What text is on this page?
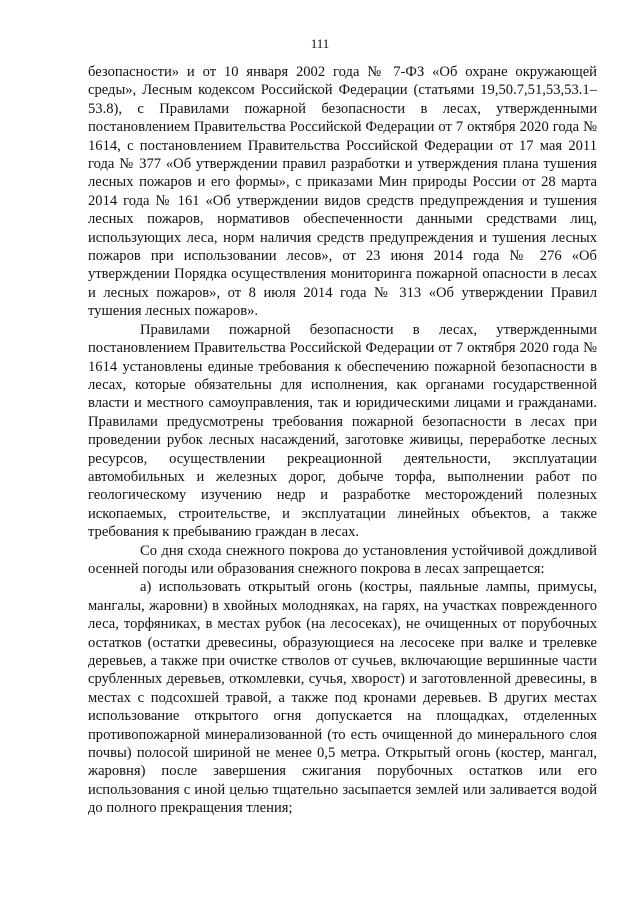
111

безопасности» и от 10 января 2002 года № 7-ФЗ «Об охране окружающей среды», Лесным кодексом Российской Федерации (статьями 19,50.7,51,53,53.1–53.8), с Правилами пожарной безопасности в лесах, утвержденными постановлением Правительства Российской Федерации от 7 октября 2020 года № 1614, с постановлением Правительства Российской Федерации от 17 мая 2011 года № 377 «Об утверждении правил разработки и утверждения плана тушения лесных пожаров и его формы», с приказами Мин природы России от 28 марта 2014 года № 161 «Об утверждении видов средств предупреждения и тушения лесных пожаров, нормативов обеспеченности данными средствами лиц, использующих леса, норм наличия средств предупреждения и тушения лесных пожаров при использовании лесов», от 23 июня 2014 года № 276 «Об утверждении Порядка осуществления мониторинга пожарной опасности в лесах и лесных пожаров», от 8 июля 2014 года № 313 «Об утверждении Правил тушения лесных пожаров».

Правилами пожарной безопасности в лесах, утвержденными постановлением Правительства Российской Федерации от 7 октября 2020 года № 1614 установлены единые требования к обеспечению пожарной безопасности в лесах, которые обязательны для исполнения, как органами государственной власти и местного самоуправления, так и юридическими лицами и гражданами. Правилами предусмотрены требования пожарной безопасности в лесах при проведении рубок лесных насаждений, заготовке живицы, переработке лесных ресурсов, осуществлении рекреационной деятельности, эксплуатации автомобильных и железных дорог, добыче торфа, выполнении работ по геологическому изучению недр и разработке месторождений полезных ископаемых, строительстве, и эксплуатации линейных объектов, а также требования к пребыванию граждан в лесах.

Со дня схода снежного покрова до установления устойчивой дождливой осенней погоды или образования снежного покрова в лесах запрещается:

а) использовать открытый огонь (костры, паяльные лампы, примусы, мангалы, жаровни) в хвойных молодняках, на гарях, на участках поврежденного леса, торфяниках, в местах рубок (на лесосеках), не очищенных от порубочных остатков (остатки древесины, образующиеся на лесосеке при валке и трелевке деревьев, а также при очистке стволов от сучьев, включающие вершинные части срубленных деревьев, откомлевки, сучья, хворост) и заготовленной древесины, в местах с подсохшей травой, а также под кронами деревьев. В других местах использование открытого огня допускается на площадках, отделенных противопожарной минерализованной (то есть очищенной до минерального слоя почвы) полосой шириной не менее 0,5 метра. Открытый огонь (костер, мангал, жаровня) после завершения сжигания порубочных остатков или его использования с иной целью тщательно засыпается землей или заливается водой до полного прекращения тления;
